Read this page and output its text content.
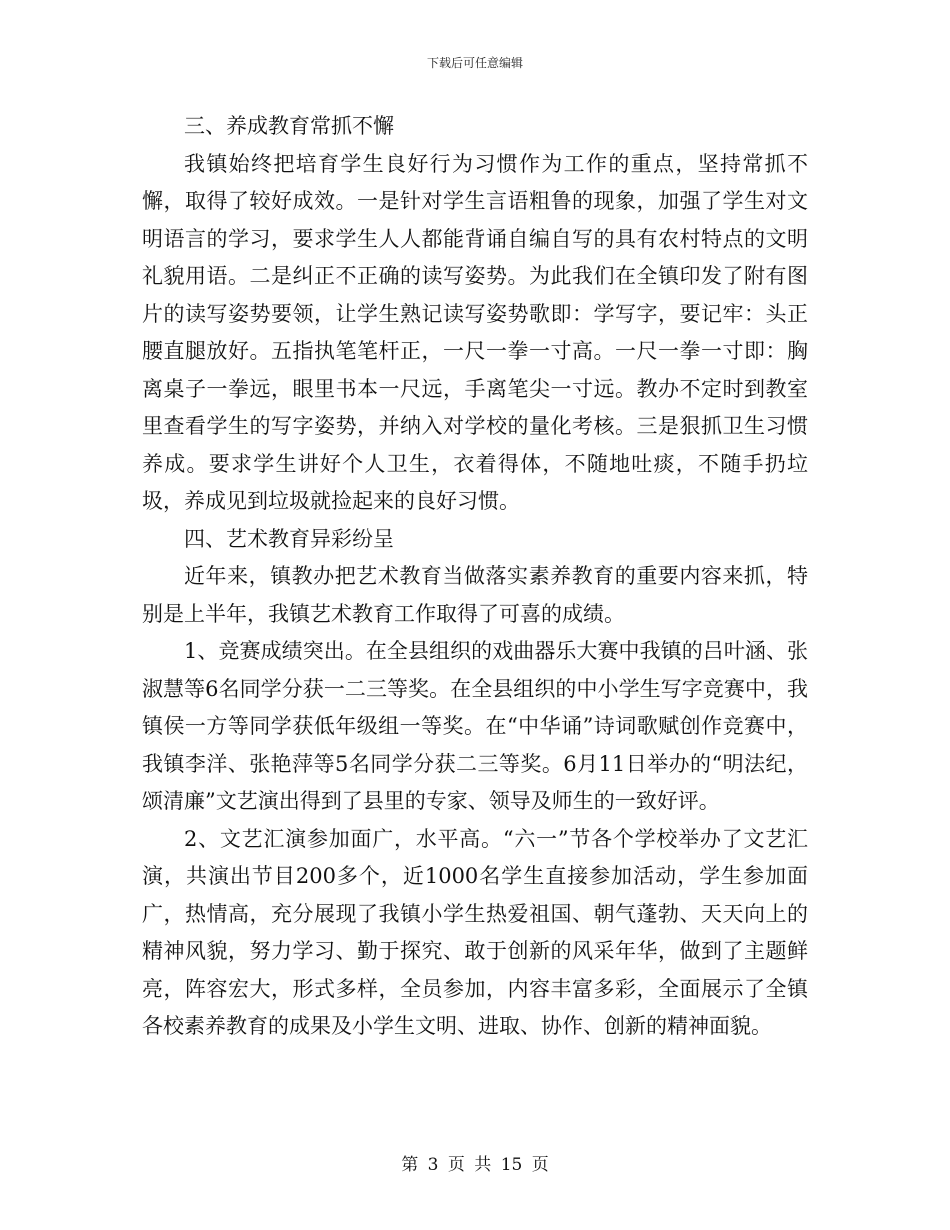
下载后可任意编辑

三、养成教育常抓不懈

我镇始终把培育学生良好行为习惯作为工作的重点，坚持常抓不懈，取得了较好成效。一是针对学生言语粗鲁的现象，加强了学生对文明语言的学习，要求学生人人都能背诵自编自写的具有农村特点的文明礼貌用语。二是纠正不正确的读写姿势。为此我们在全镇印发了附有图片的读写姿势要领，让学生熟记读写姿势歌即：学写字，要记牢：头正腰直腿放好。五指执笔笔杆正，一尺一拳一寸高。一尺一拳一寸即：胸离桌子一拳远，眼里书本一尺远，手离笔尖一寸远。教办不定时到教室里查看学生的写字姿势，并纳入对学校的量化考核。三是狠抓卫生习惯养成。要求学生讲好个人卫生，衣着得体，不随地吐痰，不随手扔垃圾，养成见到垃圾就捡起来的良好习惯。

四、艺术教育异彩纷呈

近年来，镇教办把艺术教育当做落实素养教育的重要内容来抓，特别是上半年，我镇艺术教育工作取得了可喜的成绩。

1、竞赛成绩突出。在全县组织的戏曲器乐大赛中我镇的吕叶涵、张淑慧等6名同学分获一二三等奖。在全县组织的中小学生写字竞赛中，我镇侯一方等同学获低年级组一等奖。在“中华诵”诗词歌赋创作竞赛中，我镇李洋、张艳萍等5名同学分获二三等奖。6月11日举办的“明法纪，颂清廉”文艺演出得到了县里的专家、领导及师生的一致好评。

2、文艺汇演参加面广，水平高。“六一”节各个学校举办了文艺汇演，共演出节目200多个，近1000名学生直接参加活动，学生参加面广，热情高，充分展现了我镇小学生热爱祖国、朝气蓬勃、天天向上的精神风貌，努力学习、勤于探究、敢于创新的风采年华，做到了主题鲜亮，阵容宏大，形式多样，全员参加，内容丰富多彩，全面展示了全镇各校素养教育的成果及小学生文明、进取、协作、创新的精神面貌。

第 3 页 共 15 页
